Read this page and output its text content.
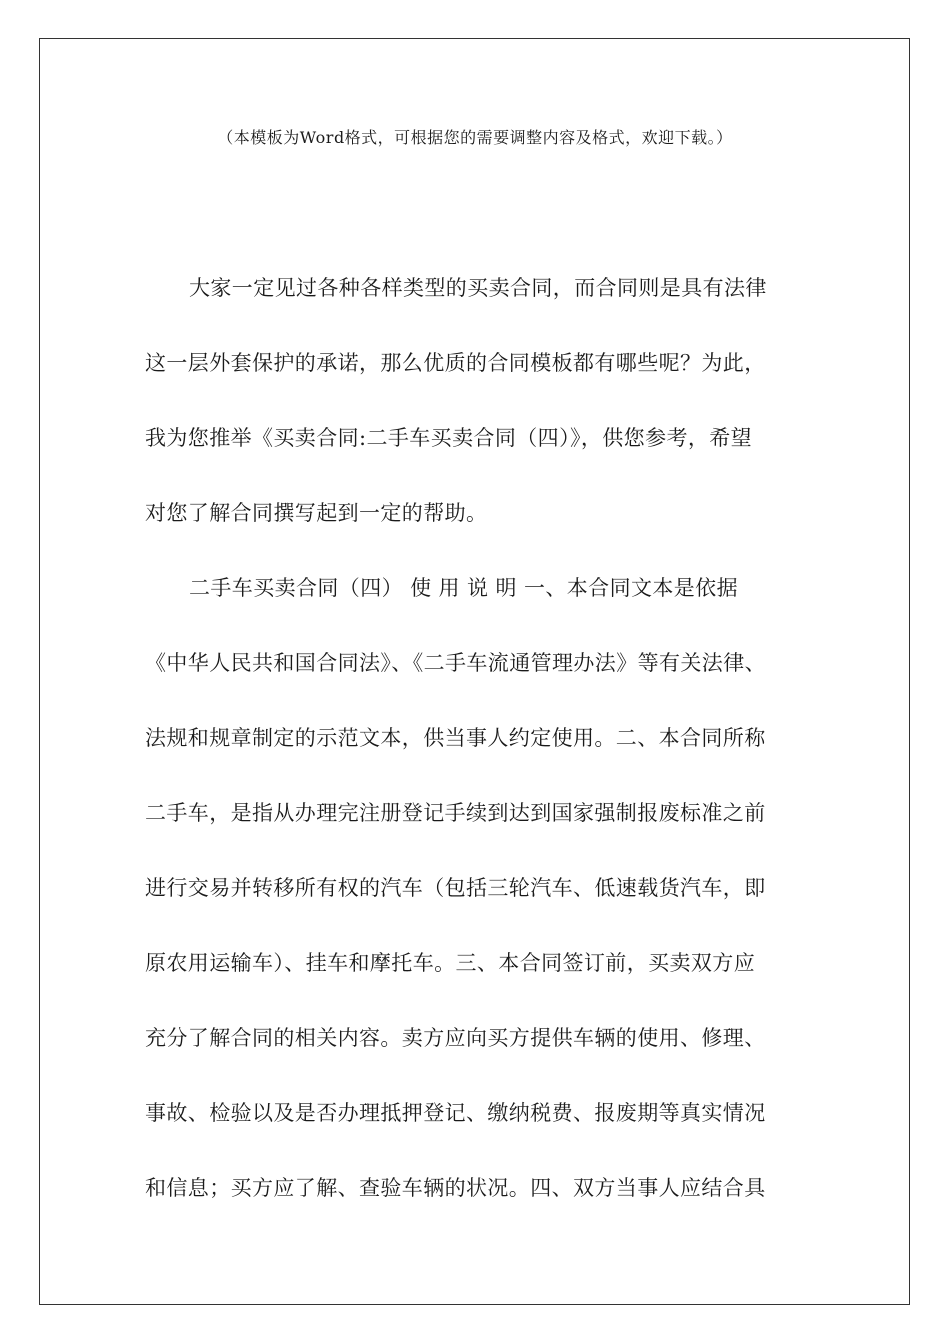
（本模板为Word格式，可根据您的需要调整内容及格式，欢迎下载。）
大家一定见过各种各样类型的买卖合同，而合同则是具有法律
这一层外套保护的承诺，那么优质的合同模板都有哪些呢？为此，
我为您推举《买卖合同:二手车买卖合同（四）》，供您参考，希望
对您了解合同撰写起到一定的帮助。
二手车买卖合同（四） 使 用 说 明 一、本合同文本是依据
《中华人民共和国合同法》、《二手车流通管理办法》等有关法律、
法规和规章制定的示范文本，供当事人约定使用。二、本合同所称
二手车，是指从办理完注册登记手续到达到国家强制报废标准之前
进行交易并转移所有权的汽车（包括三轮汽车、低速载货汽车，即
原农用运输车）、挂车和摩托车。三、本合同签订前，买卖双方应
充分了解合同的相关内容。卖方应向买方提供车辆的使用、修理、
事故、检验以及是否办理抵押登记、缴纳税费、报废期等真实情况
和信息；买方应了解、查验车辆的状况。四、双方当事人应结合具
